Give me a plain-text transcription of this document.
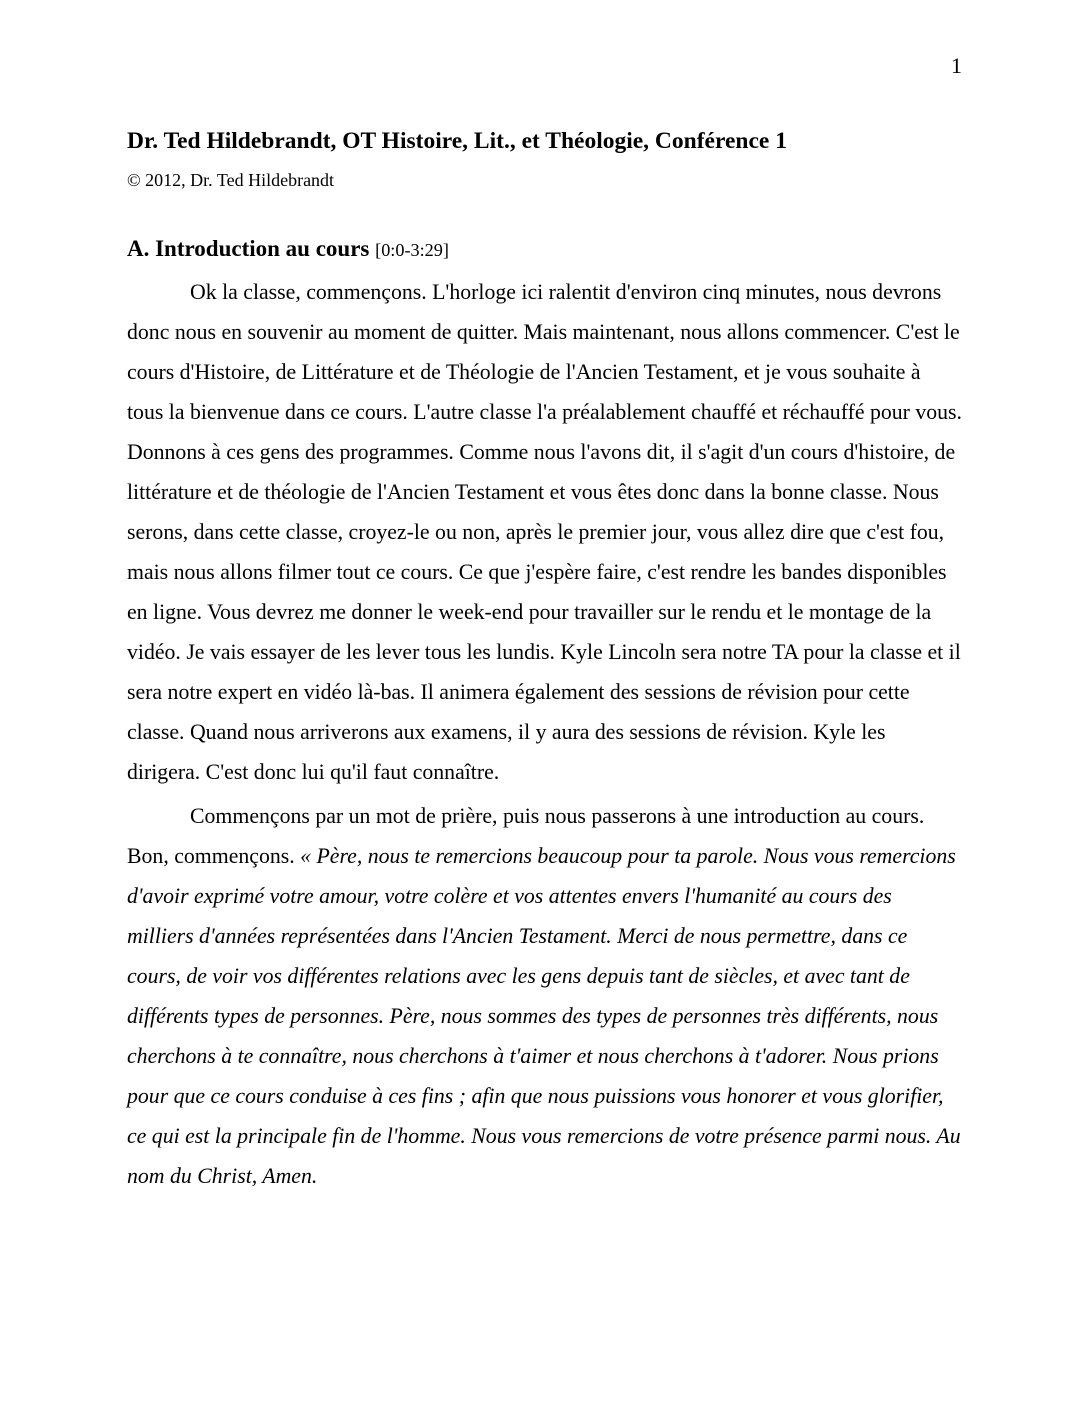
1
Dr. Ted Hildebrandt, OT Histoire, Lit., et Théologie, Conférence 1
© 2012, Dr. Ted Hildebrandt
A. Introduction au cours [0:0-3:29]

Ok la classe, commençons. L'horloge ici ralentit d'environ cinq minutes, nous devrons donc nous en souvenir au moment de quitter. Mais maintenant, nous allons commencer. C'est le cours d'Histoire, de Littérature et de Théologie de l'Ancien Testament, et je vous souhaite à tous la bienvenue dans ce cours. L'autre classe l'a préalablement chauffé et réchauffé pour vous. Donnons à ces gens des programmes. Comme nous l'avons dit, il s'agit d'un cours d'histoire, de littérature et de théologie de l'Ancien Testament et vous êtes donc dans la bonne classe. Nous serons, dans cette classe, croyez-le ou non, après le premier jour, vous allez dire que c'est fou, mais nous allons filmer tout ce cours. Ce que j'espère faire, c'est rendre les bandes disponibles en ligne. Vous devrez me donner le week-end pour travailler sur le rendu et le montage de la vidéo. Je vais essayer de les lever tous les lundis. Kyle Lincoln sera notre TA pour la classe et il sera notre expert en vidéo là-bas. Il animera également des sessions de révision pour cette classe. Quand nous arriverons aux examens, il y aura des sessions de révision. Kyle les dirigera. C'est donc lui qu'il faut connaître.

Commençons par un mot de prière, puis nous passerons à une introduction au cours. Bon, commençons. « Père, nous te remercions beaucoup pour ta parole. Nous vous remercions d'avoir exprimé votre amour, votre colère et vos attentes envers l'humanité au cours des milliers d'années représentées dans l'Ancien Testament. Merci de nous permettre, dans ce cours, de voir vos différentes relations avec les gens depuis tant de siècles, et avec tant de différents types de personnes. Père, nous sommes des types de personnes très différents, nous cherchons à te connaître, nous cherchons à t'aimer et nous cherchons à t'adorer. Nous prions pour que ce cours conduise à ces fins ; afin que nous puissions vous honorer et vous glorifier, ce qui est la principale fin de l'homme. Nous vous remercions de votre présence parmi nous. Au nom du Christ, Amen.
